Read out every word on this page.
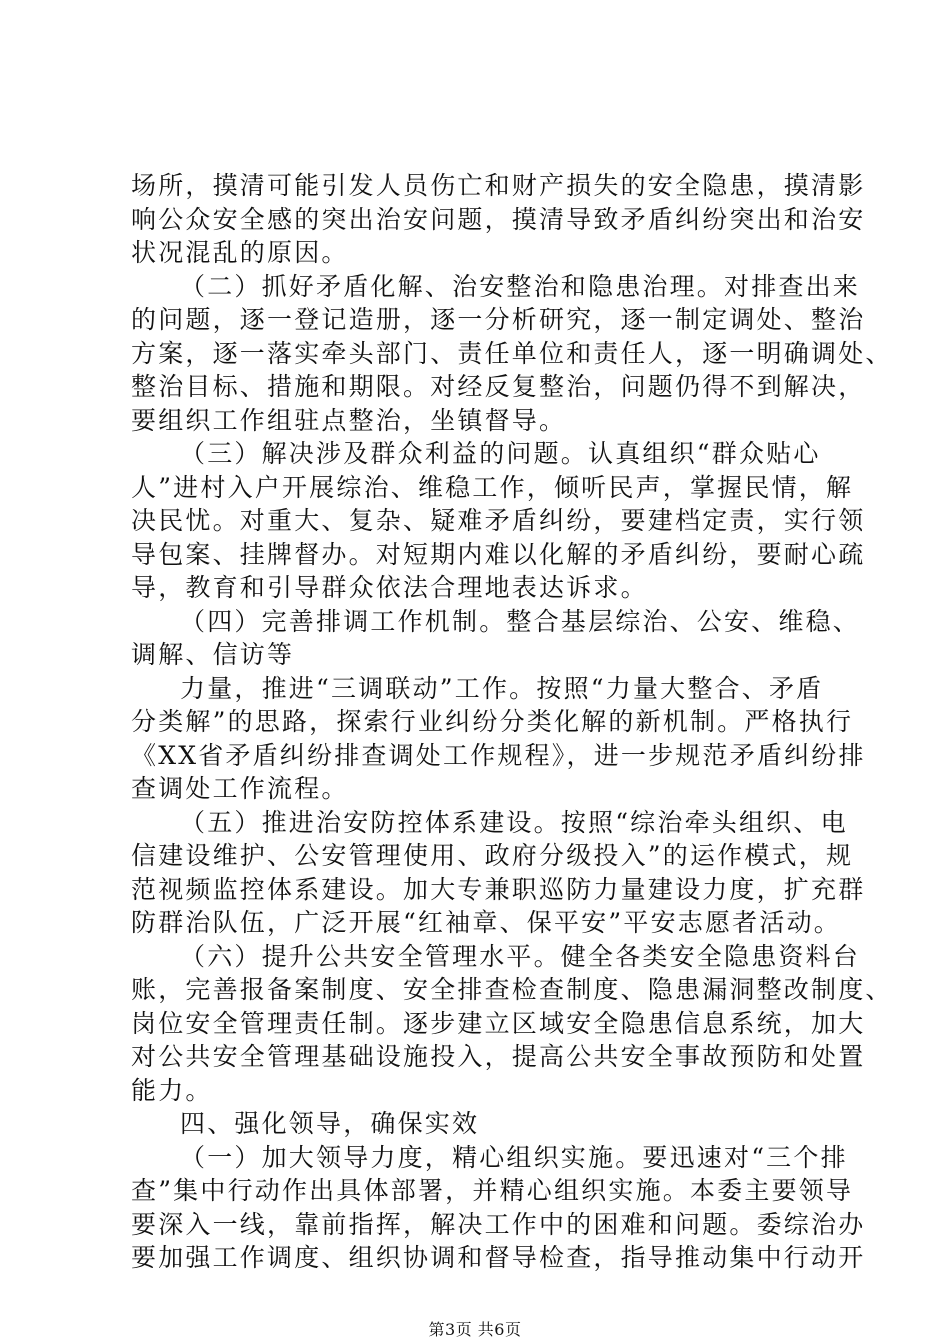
场所，摸清可能引发人员伤亡和财产损失的安全隐患，摸清影
响公众安全感的突出治安问题，摸清导致矛盾纠纷突出和治安
状况混乱的原因。
（二）抓好矛盾化解、治安整治和隐患治理。对排查出来
的问题，逐一登记造册，逐一分析研究，逐一制定调处、整治
方案，逐一落实牵头部门、责任单位和责任人，逐一明确调处、
整治目标、措施和期限。对经反复整治，问题仍得不到解决，
要组织工作组驻点整治，坐镇督导。
（三）解决涉及群众利益的问题。认真组织“群众贴心
人”进村入户开展综治、维稳工作，倾听民声，掌握民情，解
决民忧。对重大、复杂、疑难矛盾纠纷，要建档定责，实行领
导包案、挂牌督办。对短期内难以化解的矛盾纠纷，要耐心疏
导，教育和引导群众依法合理地表达诉求。
（四）完善排调工作机制。整合基层综治、公安、维稳、
调解、信访等
力量，推进“三调联动”工作。按照“力量大整合、矛盾
分类解”的思路，探索行业纠纷分类化解的新机制。严格执行
《XX省矛盾纠纷排查调处工作规程》，进一步规范矛盾纠纷排
查调处工作流程。
（五）推进治安防控体系建设。按照“综治牵头组织、电
信建设维护、公安管理使用、政府分级投入”的运作模式，规
范视频监控体系建设。加大专兼职巡防力量建设力度，扩充群
防群治队伍，广泛开展“红袖章、保平安”平安志愿者活动。
（六）提升公共安全管理水平。健全各类安全隐患资料台
账，完善报备案制度、安全排查检查制度、隐患漏洞整改制度、
岗位安全管理责任制。逐步建立区域安全隐患信息系统，加大
对公共安全管理基础设施投入，提高公共安全事故预防和处置
能力。
四、强化领导，确保实效
（一）加大领导力度，精心组织实施。要迅速对“三个排
查”集中行动作出具体部署，并精心组织实施。本委主要领导
要深入一线，靠前指挥，解决工作中的困难和问题。委综治办
要加强工作调度、组织协调和督导检查，指导推动集中行动开
第3页 共6页
